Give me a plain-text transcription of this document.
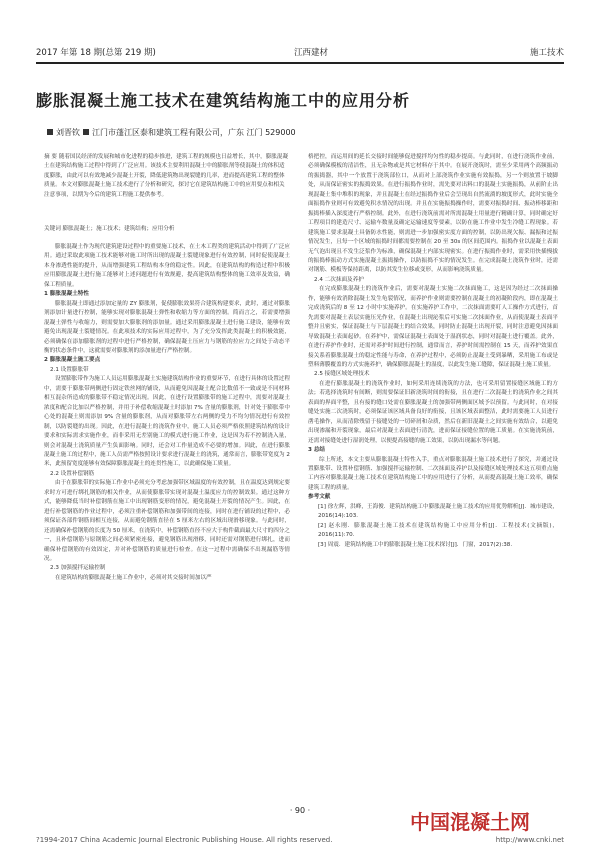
2017 年第 18 期(总第 219 期)	江西建材	施工技术
膨胀混凝土施工技术在建筑结构施工中的应用分析
刘晋钦 江门市蓬江区泰和建筑工程有限公司，广东 江门 529000
摘 要 随着国民经济的发展和城市化进程的稳步推进，建筑工程的规模也日益增长，其中，膨胀混凝土在建筑结构施工过程中得到了广泛应用。该技术主要利用混凝土中的膨胀剂等使混凝土的体积适度膨胀，由此可以有效地减少混凝土开裂，降低建筑物出现裂缝的几率，进而提高建筑工程的整体质量。本文对膨胀混凝土施工技术进行了分析和研究，探讨它在建筑结构施工中的应用要点和相关注意事项，以期为今后的建筑工程施工提供参考。
关键词 膨胀混凝土；施工技术；建筑结构；应用分析

膨胀混凝土作为现代建筑建设过程中的重要施工技术，在土木工程类的建筑活动中得到了广泛应用。通过采取此项施工技术能够对施工时所出现的混凝土裂缝现象进行有效控制，同时促使混凝土本身渗透性能的提升，从而增强建筑工程结构本身的稳定性。因此，在建筑结构的构造过程中积极应用膨胀混凝土进行施工能够对上述问题进行有效规避，提高建筑结构整体的施工效率及效益，确保工程质量。

1 膨胀混凝土特性

膨胀混凝土即通过添加定量的 ZY 膨胀剂，促使膨胀效果符合建筑构建要求，此时，通过对膨胀剂添加计量进行控制，能够实现对膨胀混凝土弹性和收缩力等方面的控制。简而言之，若需要增强混凝土弹性与收缩力，则需要加大膨胀剂的添加量。通过采用膨胀混凝土进行施工建设，能够有效避免出现混凝土裂缝情况。在此项技术的实际应用过程中，为了充分发挥此类混凝土的积极效能，必须确保在添加膨胀剂的过程中进行严格控制，确保混凝土压应力与钢筋的拉应力之间处于动态平衡的状态条件中，这就需要对膨胀剂的添加量进行严格控制。

2 膨胀混凝土施工要点

2.1 设置膨胀带

设置膨胀带作为施工人员运用膨胀混凝土实施建筑结构作业的重要环节，在进行具体的设置过程中，需要于膨胀带两侧进行固定铁丝网的铺设，从而避免因混凝土配合比数值不一致或是不同材料相互混杂所造成的膨胀带不稳定情况出现。因此，在进行设置膨胀带的施工过程中，需要对混凝土浓度和配合比加以严格控制，并用于补偿收缩混凝土时添加 7% 含量的膨胀剂，针对处于膨胀带中心处的混凝土则需添加 9% 含量的膨胀剂，从而对膨胀带左右两侧的受力不均匀情况进行有效控制，以防裂缝的出现。因此，在进行混凝土的浇筑作业中，施工人员必须严格依照建筑结构的设计要求和实际需求实施作业，而非采用无差别施工的模式进行施工作业，这是因为若不控制浇入量，则会对混凝土浇筑质量产生负面影响。同时，还会对工作量造成不必要的增加。因此，在进行膨胀混凝土施工的过程中，施工人员需严格按照设计要求进行混凝土的浇筑，通常而言，膨胀带宽度为 2 米，此预留宽度能够有效保障膨胀混凝土的连贯性施工，以此确保施工质量。

2.2 设置补偿钢筋

由于在膨胀带的实际施工作业中必须充分考虑加强带区域温度的有效控制，且在温度达到规定要求时方可进行绑扎钢筋的相关作业，从而使膨胀带实现对混凝土温度应力的控制效果。通过这种方式，能够降低当时补偿钢筋在施工中出现钢筋变形的情况，避免混凝土开裂的情况产生。因此，在进行补偿钢筋的作业过程中，必须注重补偿钢筋和加强带间的连接，同时在进行铺设的过程中，必须保证各部件钢筋间相互连接，从而避免钢筋直径在 5 厘米左右的区域出现滑移现象。与此同时，还需确保补偿钢筋的长度为 50 厘米，在浇筑中，补偿钢筋直径不应大于构件截面最大尺寸的四分之一，且补偿钢筋与原钢筋之间必须紧密连接，避免钢筋出现滑移，同时还需对钢筋进行绑扎，进而确保补偿钢筋的有效固定，并对补偿钢筋的质量进行检查。在这一过程中需确保不出现漏筋等情况。

2.3 加强搅拌运输控制

在建筑结构的膨胀混凝土施工作业中，必须对其交接时间加以严

格把控，而运用间的延长交接时间能够促进搅拌均匀性的稳步提高。与此同时，在进行浇筑作业前，必须确保模板的清洁性，且无杂物或是其它材料存于其中。在展开浇筑时，需至少采用两个高频振动的振捣器，其中一个放置于浇筑部位口，从而对上部浇筑作业实施有效振捣，另一个则放置于坡脚处，从而保证密实的振捣效果。在进行振捣作业时，需先要对出料口的混凝土实施振捣，从前阶止出现混凝土集中堆积的现象，并且混凝土在经过振捣作业后会呈现出自然流淌的坡度形式，此时实施全面振捣作业则可有效避免积水情况的出现。并且在实施振捣操作时，需要对振捣时间、振动棒移距和振捣棒插入深度进行严格控制。此外，在进行浇筑前需对所需混凝土用量进行精确计算，同时确定好工程项目的建造尺寸、运输车数量及确定运输速度等要素，以防在施工作业中发生冷缝工程现象。若建筑施工要求混凝土具备防水性能，则需进一步加强密实度方面的控制，以防出现欠振、漏振和过振情况发生，且每一个区域的振捣时间都需要控制在 20 至 30s 的区间范围内。振捣作业以混凝土表面无气泡出现且不发生泛浆作为标准，确保混凝土内部实现密实。在进行振捣作业时，需采用快插慢拔的振捣棒振动方式实施混凝土振捣操作，以防振捣不实的情况发生。在完成混凝土浇筑作业时，还需对钢筋、模板等保持距离，以防其发生位移或变形，从而影响浇筑质量。

2.4 二次抹面及养护

在完成膨胀混凝土的浇筑作业后，需要对混凝土实施二次抹面施工，这是因为经过二次抹面操作，能够有效消除混凝土发生龟裂情况，而养护作业则需要控制在混凝土的初凝阶段内，即在混凝土完成浇筑后的 8 至 12 小时中实施养护。在实施养护工作中，二次抹面需要叮人工操作方式进行，首先需要对混凝土表层实施压光作业，在混凝土出现泌浆后可实施二次抹面作业，从而使混凝土表面平整并且密实，保证混凝土与下层混凝土的结合效果，同时防止混凝土出现开裂，同时注意避免因抹面导致混凝土表面起砂。在养护中，需保证混凝土表面处于湿润状态，同时对混凝土进行覆盖。此外，在进行养护作业时，还需对养护时间进行控制，通常而言，养护时间需控制在 15 天，而养护效果直接关系着膨胀混凝土的稳定性能与寿命，在养护过程中，必须防止混凝土受到暴晒，采用施工布或是塑料薄膜覆盖的方式实施养护，确保膨胀混凝土的湿度，以此发生施工缝隙，保证混凝土施工质量。

2.5 接缝区域处理技术

在进行膨胀混凝土的浇筑作业时，如何采用连续浇筑的方法，也可采用留置接缝区域施工的方法；若选择浇筑时有间断，则需要保证旧新浇筑时间的衔接，且在进行二次混凝土的浇筑作业之间其表面的界面平整，且有接的缝口处需在膨胀混凝土的加强带两侧面区域予以预留。与此同时，在对接缝处实施二次浇筑时，必须保证该区域具备良好的衔接，且该区域表面整洁，此时需要施工人员进行凿毛操作，从而清除残留于接缝处的一切碎屑和杂质，然后在新旧混凝土之间实施有效结合，以避免出现渗漏和开裂现象，最后对混凝土表面进行清洗，进而保证接缝位置的施工质量。在实施浇筑前，还需对接缝处进行湿润处理，以便提高接缝的施工效果，以防出现漏水等问题。

3 总结

综上所述，本文主要从膨胀混凝土特性入手，重点对膨胀混凝土施工技术进行了探究，并通过设置膨胀带、设置补偿钢筋、加强搅拌运输控制、二次抹面及养护以及接缝区域处理技术这五项重点施工内容对膨胀混凝土施工技术在建筑结构施工中的应用进行了分析，从而提高混凝土施工效率，确保建筑工程的质量。

参考文献

[1] 徐左辉，洪峰，王海俊．建筑结构施工中膨胀混凝土施工技术的应用优势解析[J]．城市建设，2016(14):103.

[2] 赵永刚．膨胀混凝土施工技术在建筑结构施工中应用分析[J]．工程技术(文摘版)，2016(11):70.

[3] 周震．建筑结构施工中的膨胀混凝土施工技术探讨[J]．门窗，2017(2):38.

· 90 ·	中国混凝土网
?1994-2017 China Academic Journal Electronic Publishing House. All rights reserved.	http://www.cnki.net
